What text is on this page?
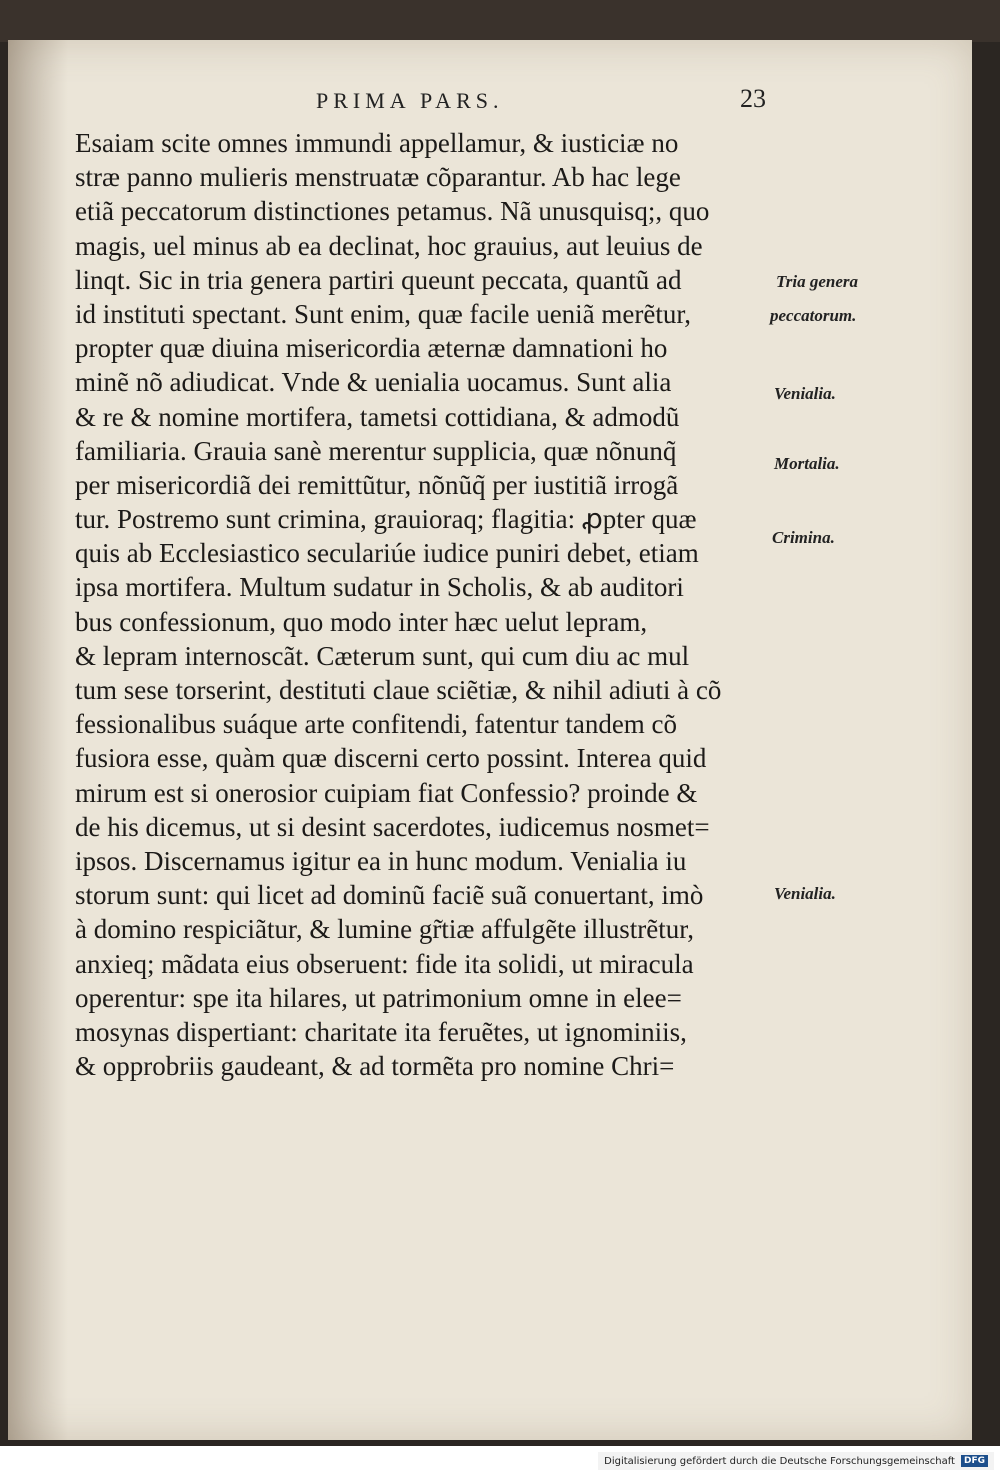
PRIMA PARS.	23
Esaiam scite omnes immundi appellamur, & iusticiæ no
stræ panno mulieris menstruatæ cõparantur. Ab hac lege
etiã peccatorum distinctiones petamus. Nã unusquisq;, quo
magis, uel minus ab ea declinat, hoc grauius, aut leuius de
linqt. Sic in tria genera partiri queunt peccata, quantũ ad
id instituti spectant. Sunt enim, quæ facile ueniã merẽtur,
propter quæ diuina misericordia æternæ damnationi ho
minẽ nõ adiudicat. Vnde & uenialia uocamus. Sunt alia
& re & nomine mortifera, tametsi cottidiana, & admodũ
familiaria. Grauia sanè merentur supplicia, quæ nõnunq̃
per misericordiã dei remittũtur, nõnũq̃ per iustitiã irrogã
tur. Postremo sunt crimina, grauioraq; flagitia: ꝓpter quæ
quis ab Ecclesiastico seculariúe iudice puniri debet, etiam
ipsa mortifera. Multum sudatur in Scholis, & ab auditori
bus confessionum, quo modo inter hæc uelut lepram,
& lepram internoscãt. Cæterum sunt, qui cum diu ac mul
tum sese torserint, destituti claue sciẽtiæ, & nihil adiuti à cõ
fessionalibus suáque arte confitendi, fatentur tandem cõ
fusiora esse, quàm quæ discerni certo possint. Interea quid
mirum est si onerosior cuipiam fiat Confessio? proinde &
de his dicemus, ut si desint sacerdotes, iudicemus nosmet=
ipsos. Discernamus igitur ea in hunc modum. Venialia iu
storum sunt: qui licet ad dominũ faciẽ suã conuertant, imò
à domino respiciãtur, & lumine gr̃tiæ affulgẽte illustrẽtur,
anxieq; mãdata eius obseruent: fide ita solidi, ut miracula
operentur: spe ita hilares, ut patrimonium omne in elee=
mosynas dispertiant: charitate ita feruẽtes, ut ignominiis,
& opprobriis gaudeant, & ad tormẽta pro nomine Chri=
Tria genera
peccatorum.
Venialia.
Mortalia.
Crimina.
Venialia.
Digitalisierung gefördert durch die Deutsche Forschungsgemeinschaft	DFG
